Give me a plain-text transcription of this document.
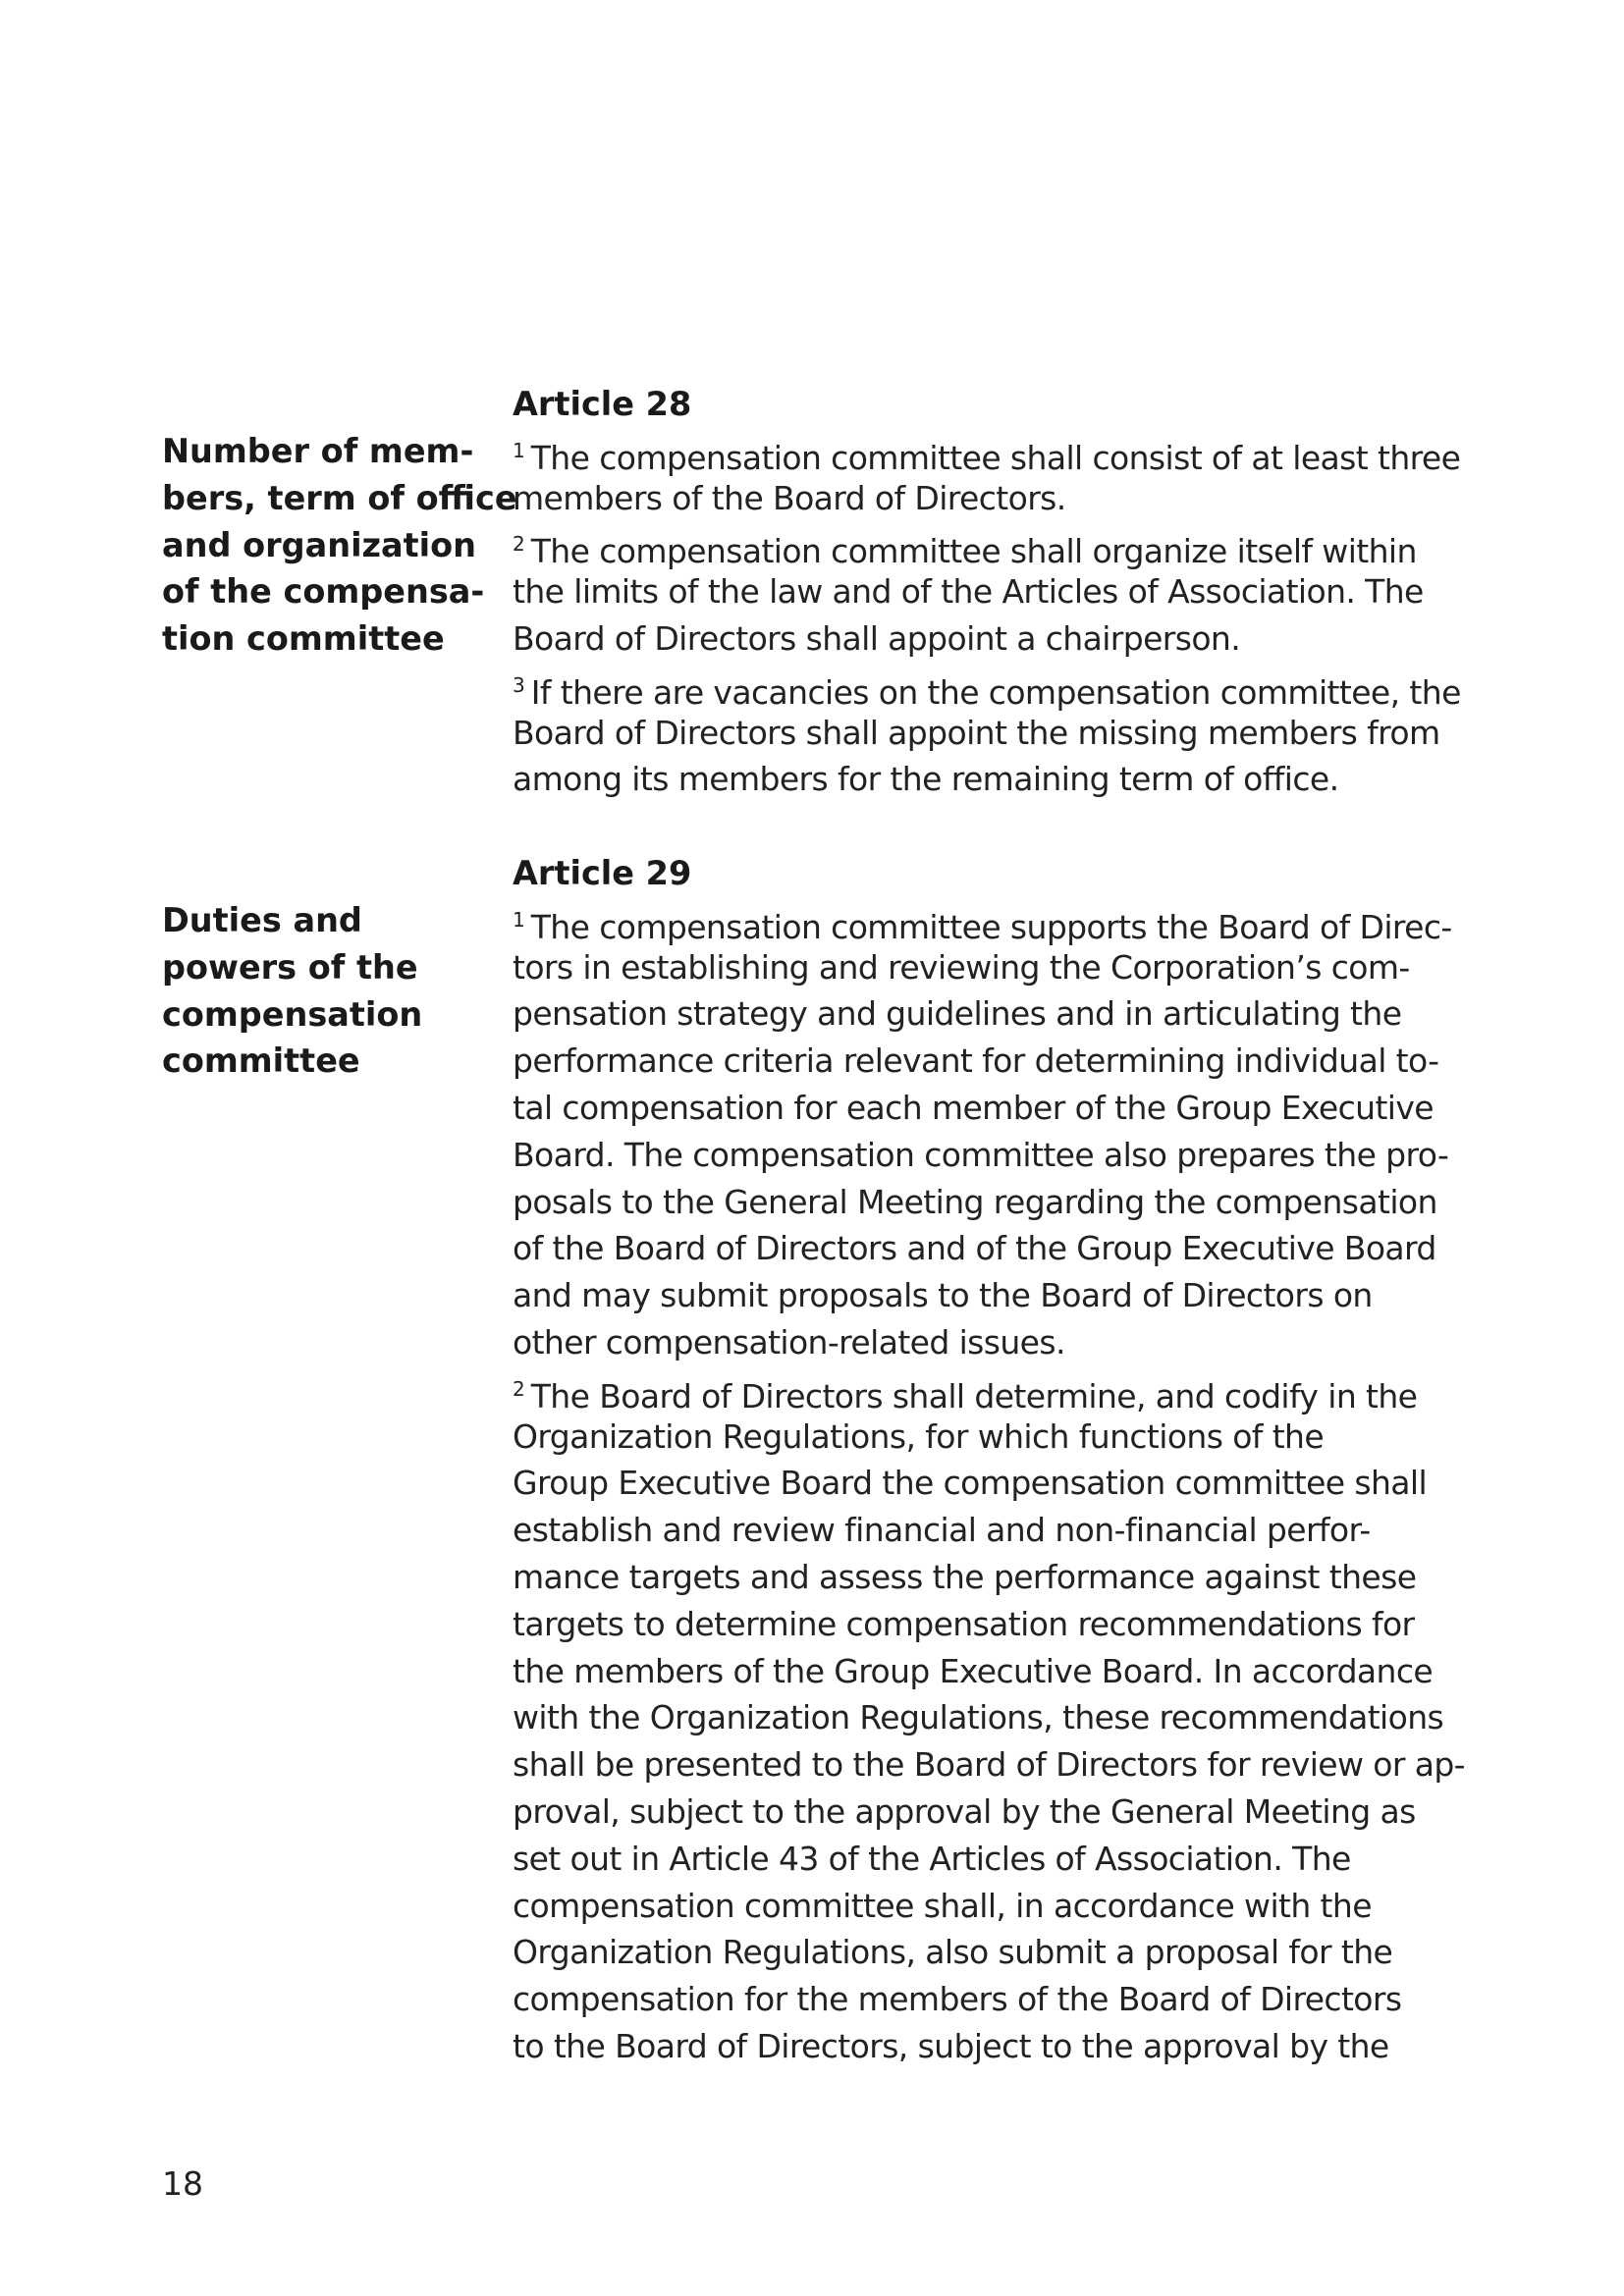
Number of mem-
bers, term of office
and organization
of the compensa-
tion committee
Article 28
$^1$ The compensation committee shall consist of at least three
members of the Board of Directors.
$^2$ The compensation committee shall organize itself within
the limits of the law and of the Articles of Association. The
Board of Directors shall appoint a chairperson.
$^3$ If there are vacancies on the compensation committee, the
Board of Directors shall appoint the missing members from
among its members for the remaining term of office.
Duties and
powers of the
compensation
committee
Article 29
$^1$ The compensation committee supports the Board of Direc-
tors in establishing and reviewing the Corporation’s com-
pensation strategy and guidelines and in articulating the
performance criteria relevant for determining individual to-
tal compensation for each member of the Group Executive
Board. The compensation committee also prepares the pro-
posals to the General Meeting regarding the compensation
of the Board of Directors and of the Group Executive Board
and may submit proposals to the Board of Directors on
other compensation-related issues.
$^2$ The Board of Directors shall determine, and codify in the
Organization Regulations, for which functions of the
Group Executive Board the compensation committee shall
establish and review financial and non-financial perfor-
mance targets and assess the performance against these
targets to determine compensation recommendations for
the members of the Group Executive Board. In accordance
with the Organization Regulations, these recommendations
shall be presented to the Board of Directors for review or ap-
proval, subject to the approval by the General Meeting as
set out in Article 43 of the Articles of Association. The
compensation committee shall, in accordance with the
Organization Regulations, also submit a proposal for the
compensation for the members of the Board of Directors
to the Board of Directors, subject to the approval by the
18
